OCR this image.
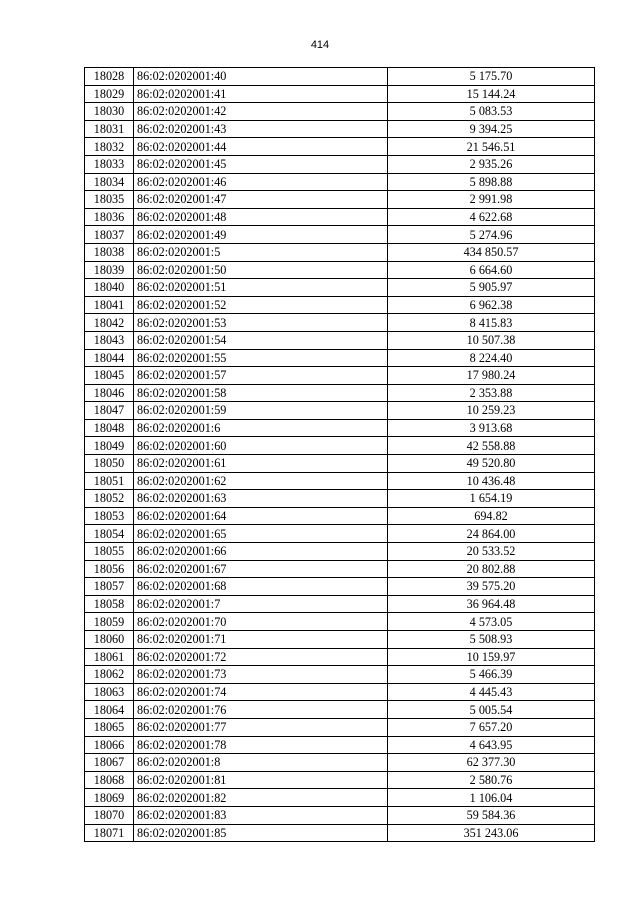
414
18028	86:02:0202001:40	5 175.70
18029	86:02:0202001:41	15 144.24
18030	86:02:0202001:42	5 083.53
18031	86:02:0202001:43	9 394.25
18032	86:02:0202001:44	21 546.51
18033	86:02:0202001:45	2 935.26
18034	86:02:0202001:46	5 898.88
18035	86:02:0202001:47	2 991.98
18036	86:02:0202001:48	4 622.68
18037	86:02:0202001:49	5 274.96
18038	86:02:0202001:5	434 850.57
18039	86:02:0202001:50	6 664.60
18040	86:02:0202001:51	5 905.97
18041	86:02:0202001:52	6 962.38
18042	86:02:0202001:53	8 415.83
18043	86:02:0202001:54	10 507.38
18044	86:02:0202001:55	8 224.40
18045	86:02:0202001:57	17 980.24
18046	86:02:0202001:58	2 353.88
18047	86:02:0202001:59	10 259.23
18048	86:02:0202001:6	3 913.68
18049	86:02:0202001:60	42 558.88
18050	86:02:0202001:61	49 520.80
18051	86:02:0202001:62	10 436.48
18052	86:02:0202001:63	1 654.19
18053	86:02:0202001:64	694.82
18054	86:02:0202001:65	24 864.00
18055	86:02:0202001:66	20 533.52
18056	86:02:0202001:67	20 802.88
18057	86:02:0202001:68	39 575.20
18058	86:02:0202001:7	36 964.48
18059	86:02:0202001:70	4 573.05
18060	86:02:0202001:71	5 508.93
18061	86:02:0202001:72	10 159.97
18062	86:02:0202001:73	5 466.39
18063	86:02:0202001:74	4 445.43
18064	86:02:0202001:76	5 005.54
18065	86:02:0202001:77	7 657.20
18066	86:02:0202001:78	4 643.95
18067	86:02:0202001:8	62 377.30
18068	86:02:0202001:81	2 580.76
18069	86:02:0202001:82	1 106.04
18070	86:02:0202001:83	59 584.36
18071	86:02:0202001:85	351 243.06
